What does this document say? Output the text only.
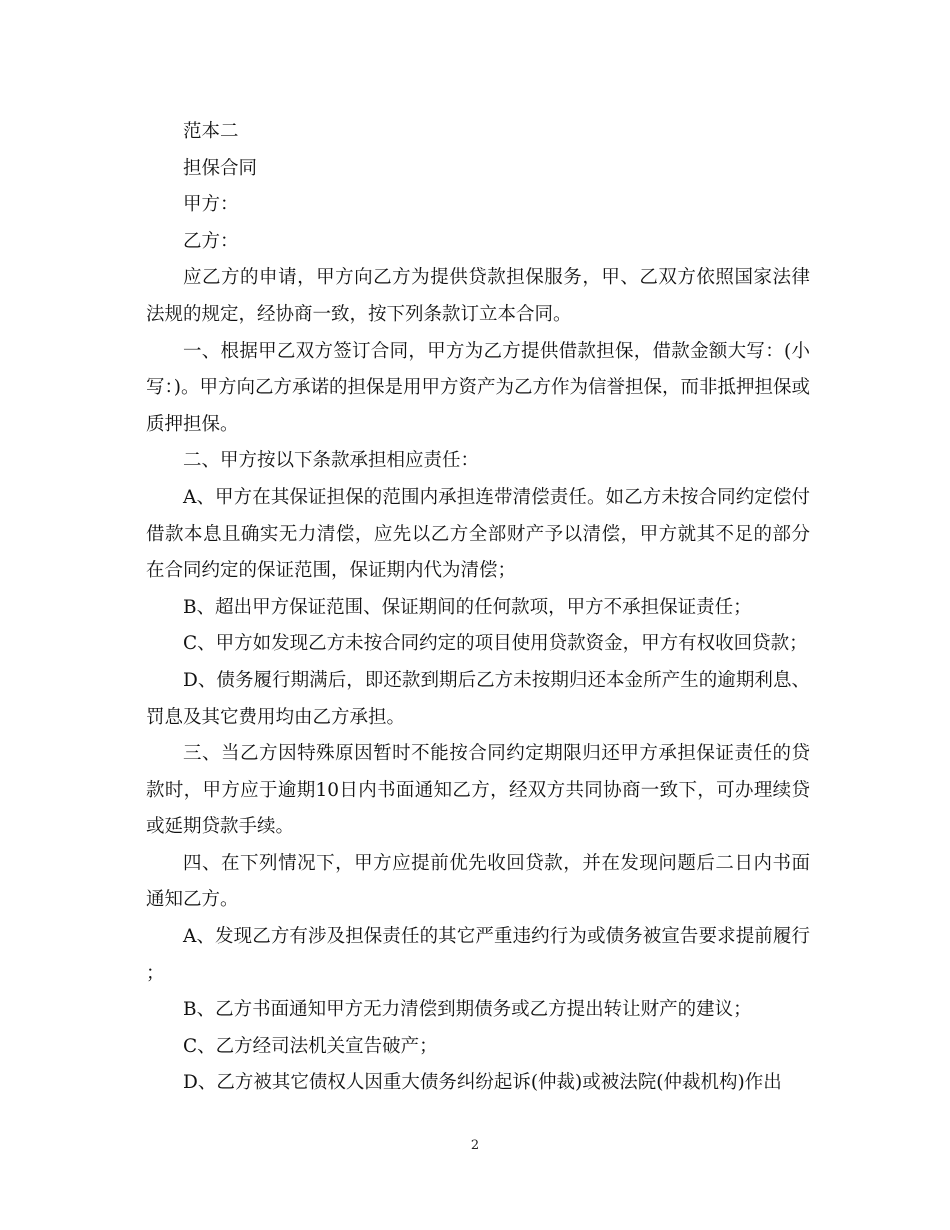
范本二

担保合同

甲方：

乙方：

应乙方的申请，甲方向乙方为提供贷款担保服务，甲、乙双方依照国家法律法规的规定，经协商一致，按下列条款订立本合同。

一、根据甲乙双方签订合同，甲方为乙方提供借款担保，借款金额大写：(小写：)。甲方向乙方承诺的担保是用甲方资产为乙方作为信誉担保，而非抵押担保或质押担保。

二、甲方按以下条款承担相应责任：

A、甲方在其保证担保的范围内承担连带清偿责任。如乙方未按合同约定偿付借款本息且确实无力清偿，应先以乙方全部财产予以清偿，甲方就其不足的部分在合同约定的保证范围，保证期内代为清偿；

B、超出甲方保证范围、保证期间的任何款项，甲方不承担保证责任；

C、甲方如发现乙方未按合同约定的项目使用贷款资金，甲方有权收回贷款；

D、债务履行期满后，即还款到期后乙方未按期归还本金所产生的逾期利息、罚息及其它费用均由乙方承担。

三、当乙方因特殊原因暂时不能按合同约定期限归还甲方承担保证责任的贷款时，甲方应于逾期10日内书面通知乙方，经双方共同协商一致下，可办理续贷或延期贷款手续。

四、在下列情况下，甲方应提前优先收回贷款，并在发现问题后二日内书面通知乙方。

A、发现乙方有涉及担保责任的其它严重违约行为或债务被宣告要求提前履行；

B、乙方书面通知甲方无力清偿到期债务或乙方提出转让财产的建议；

C、乙方经司法机关宣告破产；

D、乙方被其它债权人因重大债务纠纷起诉(仲裁)或被法院(仲裁机构)作出

2
